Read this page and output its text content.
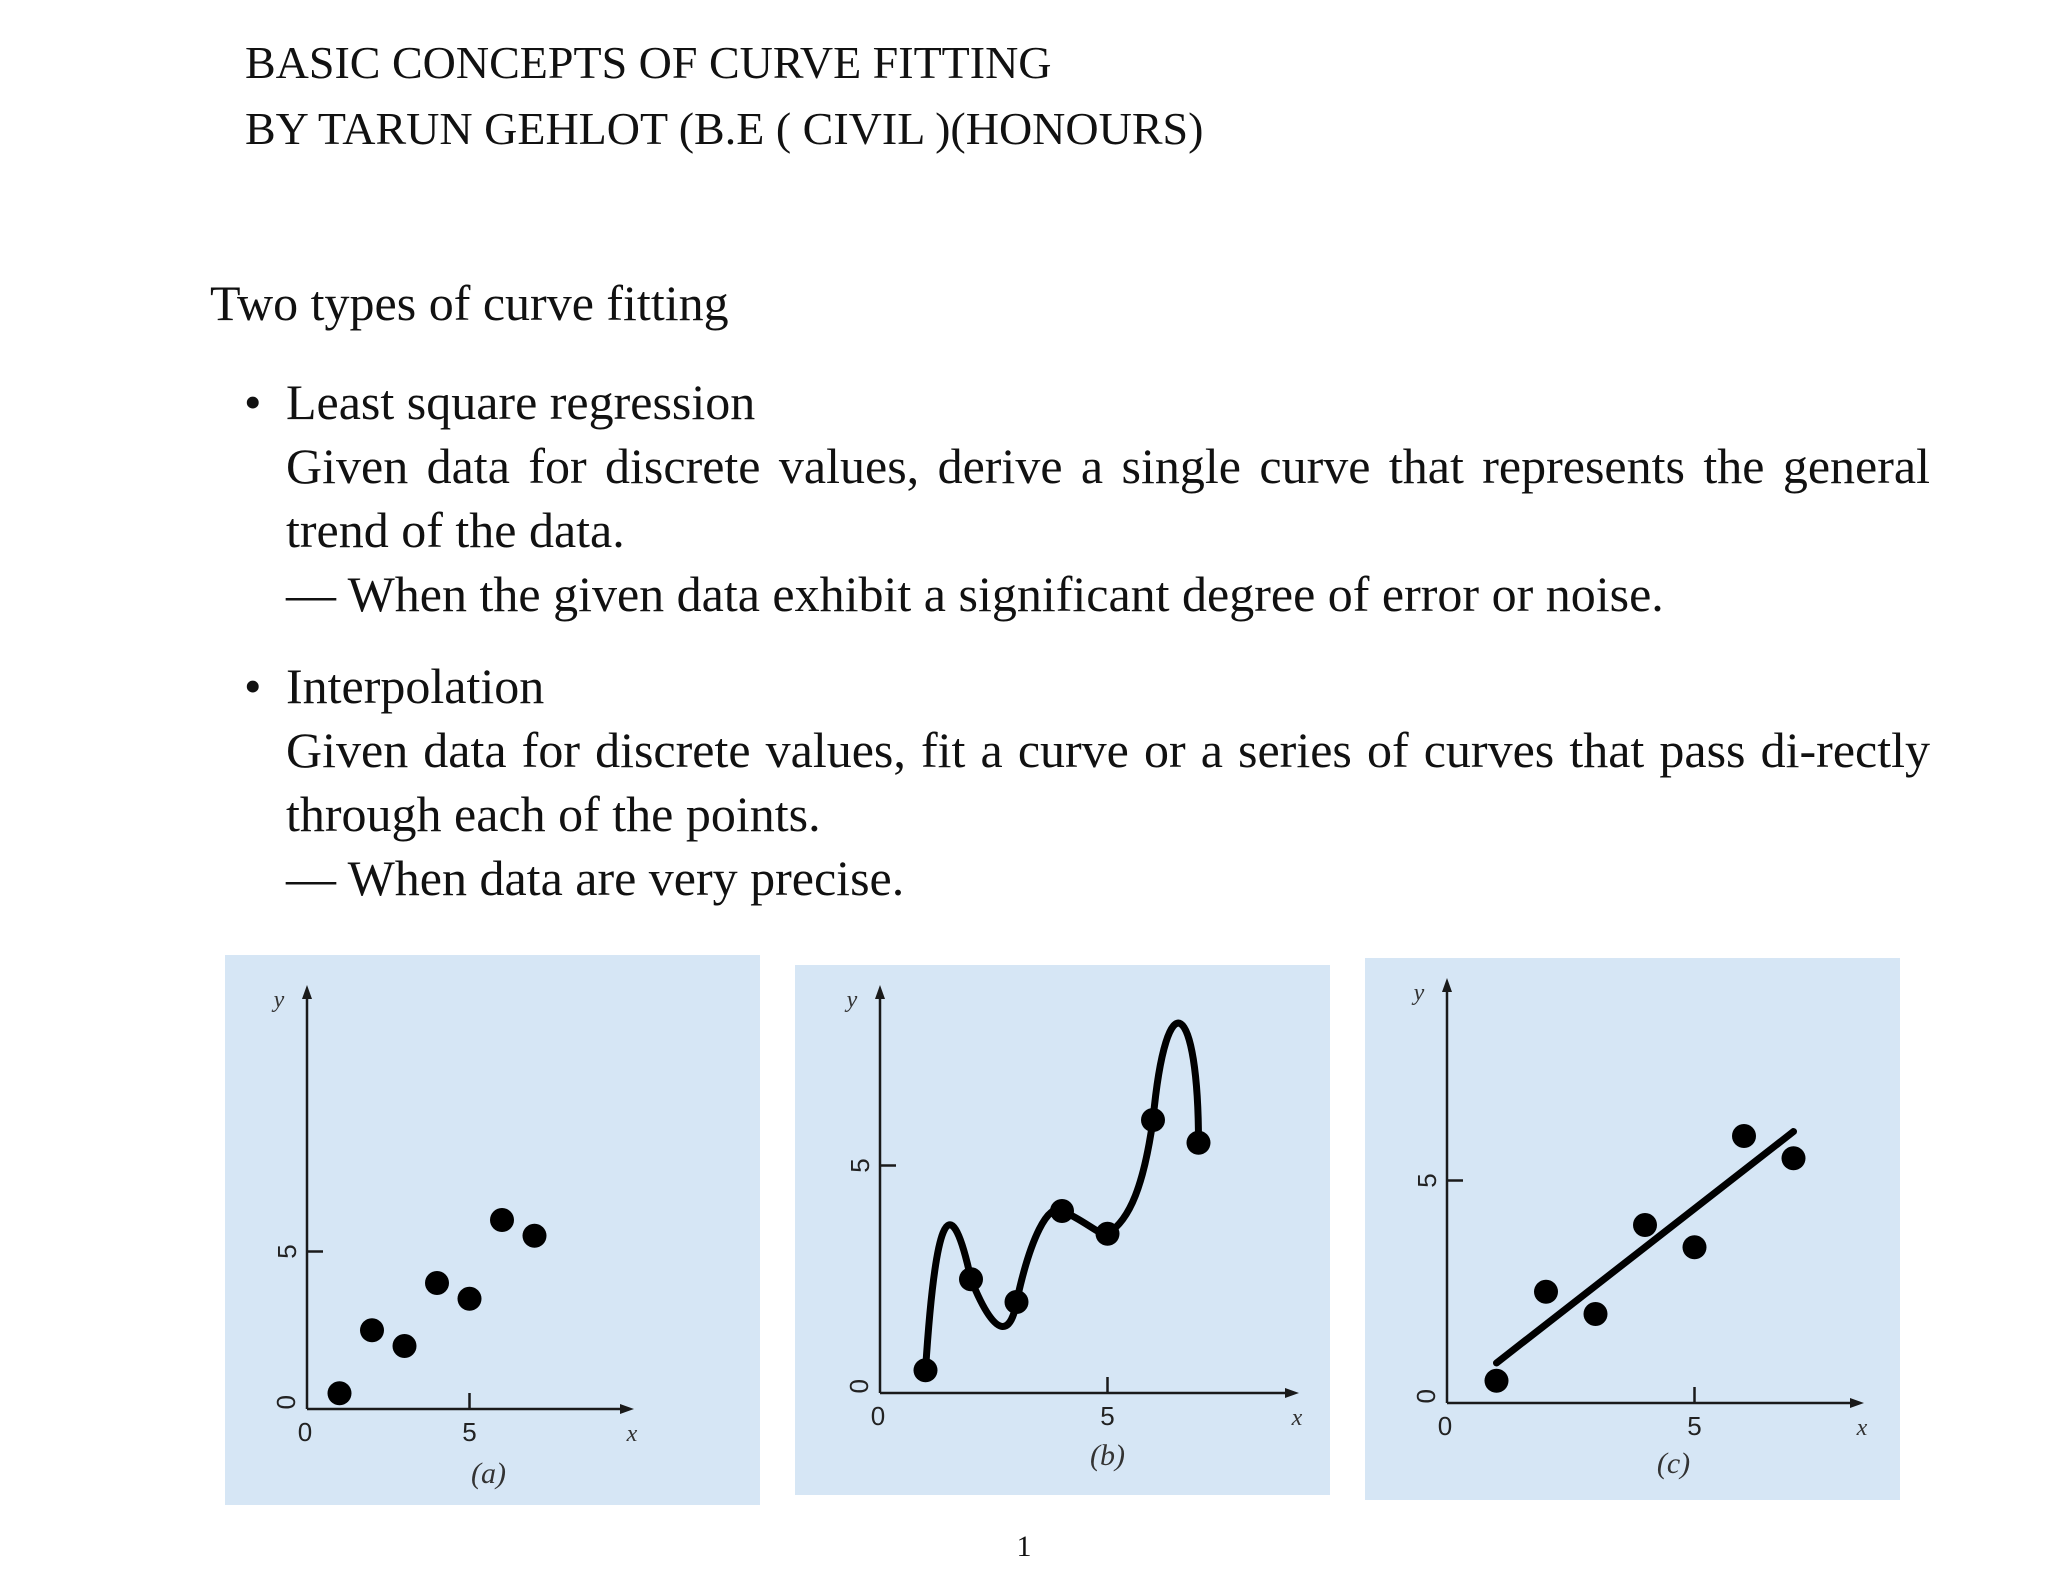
BASIC CONCEPTS OF CURVE FITTING
BY TARUN GEHLOT (B.E ( CIVIL )(HONOURS)
Two types of curve fitting
• Least square regression

Given data for discrete values, derive a single curve that represents the general trend of the data.

— When the given data exhibit a significant degree of error or noise.

• Interpolation

Given data for discrete values, fit a curve or a series of curves that pass di-rectly through each of the points.

— When data are very precise.

0	5
0
5
x
y
(a)
0	5
0
5
x
y
(b)
0	5
0
5
x
y
(c)
1
